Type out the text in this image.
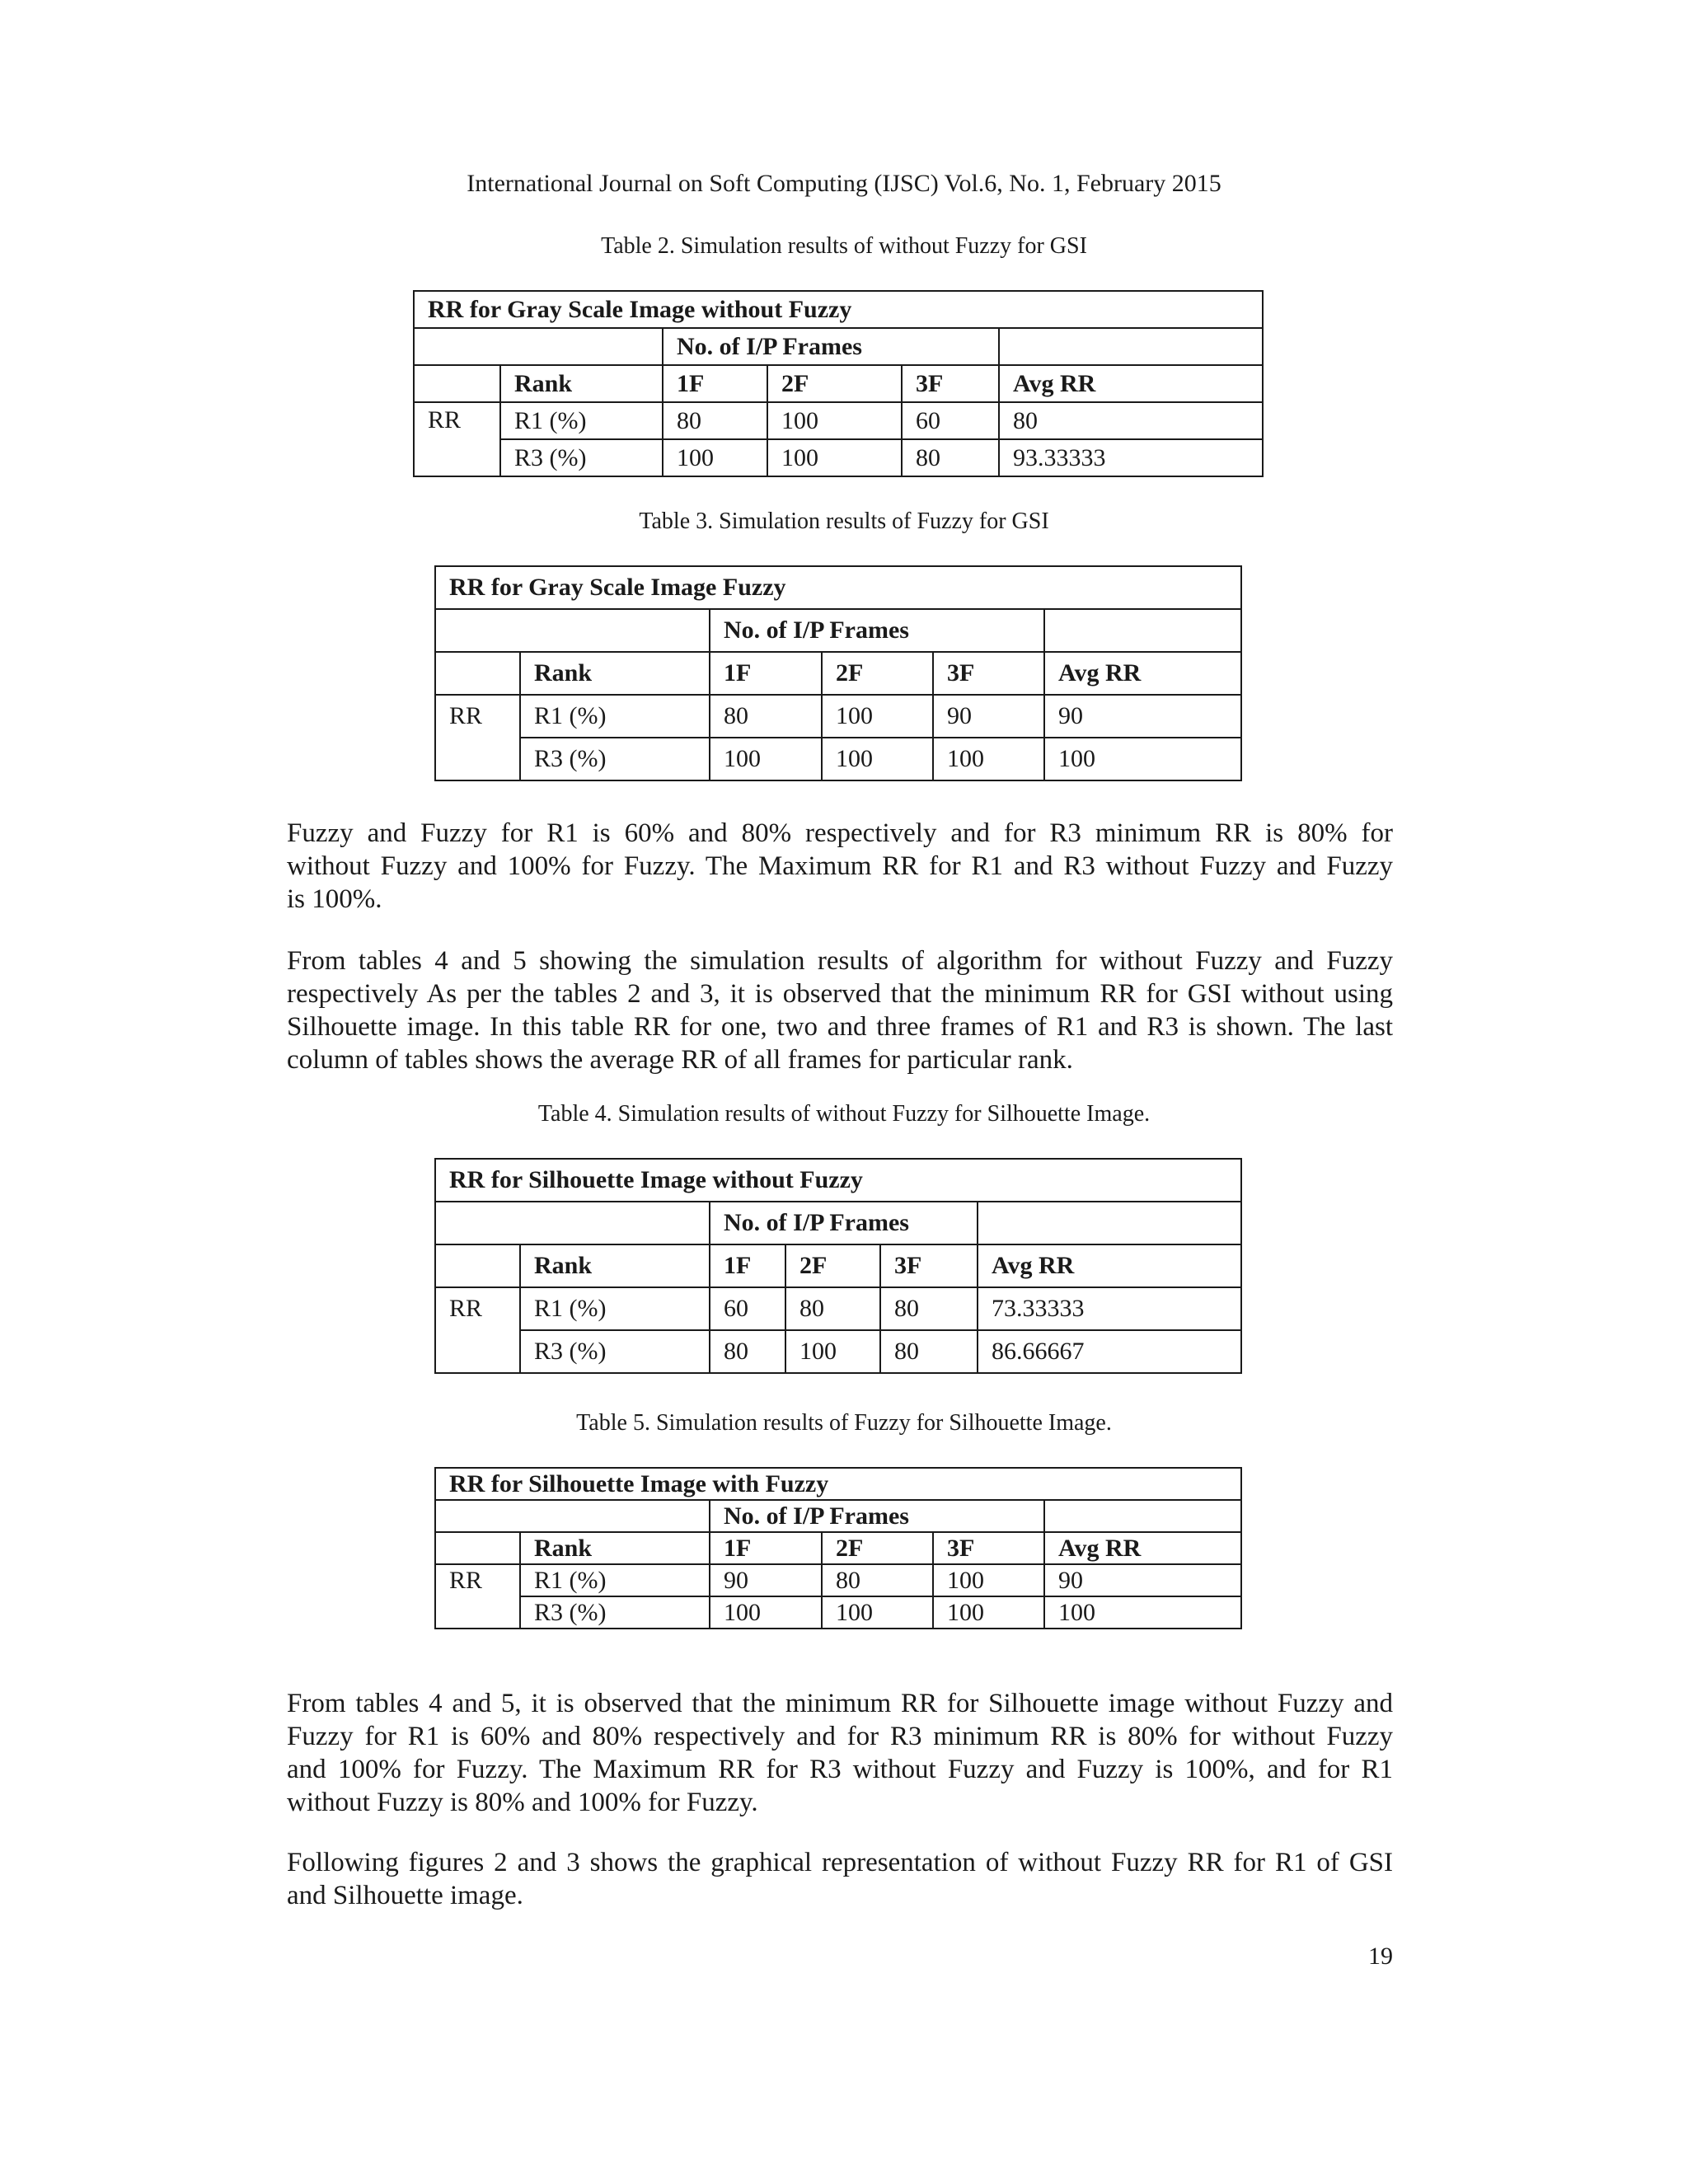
International Journal on Soft Computing (IJSC) Vol.6, No. 1, February 2015
Table 2. Simulation results of without Fuzzy for GSI
RR for Gray Scale Image without Fuzzy					
		No. of I/P Frames			
	Rank	1F	2F	3F	Avg RR
RR	R1 (%)	80	100	60	80
	R3 (%)	100	100	80	93.33333
Table 3. Simulation results of Fuzzy for GSI
RR for Gray Scale Image Fuzzy					
		No. of I/P Frames			
	Rank	1F	2F	3F	Avg RR
RR	R1 (%)	80	100	90	90
	R3 (%)	100	100	100	100
Fuzzy and Fuzzy for R1 is 60% and 80% respectively and for R3 minimum RR is 80% for
without Fuzzy and 100% for Fuzzy. The Maximum RR for R1 and R3 without Fuzzy and Fuzzy
is 100%.
From tables 4 and 5 showing the simulation results of algorithm for without Fuzzy and Fuzzy
respectively As per the tables 2 and 3, it is observed that the minimum RR for GSI without using
Silhouette image. In this table RR for one, two and three frames of R1 and R3 is shown. The last
column of tables shows the average RR of all frames for particular rank.
Table 4. Simulation results of without Fuzzy for Silhouette Image.
RR for Silhouette Image without Fuzzy					
		No. of I/P Frames			
	Rank	1F	2F	3F	Avg RR
RR	R1 (%)	60	80	80	73.33333
	R3 (%)	80	100	80	86.66667
Table 5. Simulation results of Fuzzy for Silhouette Image.
RR for Silhouette Image with Fuzzy					
		No. of I/P Frames			
	Rank	1F	2F	3F	Avg RR
RR	R1 (%)	90	80	100	90
	R3 (%)	100	100	100	100
From tables 4 and 5, it is observed that the minimum RR for Silhouette image without Fuzzy and
Fuzzy for R1 is 60% and 80% respectively and for R3 minimum RR is 80% for without Fuzzy
and 100% for Fuzzy. The Maximum RR for R3 without Fuzzy and Fuzzy is 100%, and for R1
without Fuzzy is 80% and 100% for Fuzzy.
Following figures 2 and 3 shows the graphical representation of without Fuzzy RR for R1 of GSI
and Silhouette image.
19
